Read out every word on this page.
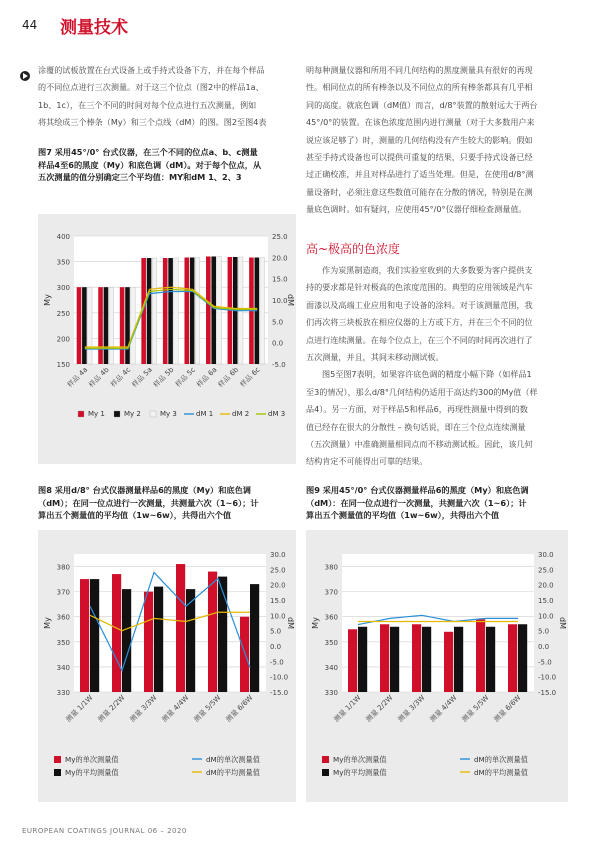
44 测量技术
涂覆的试板放置在台式设备上或手持式设备下方，并在每个样品
的不同位点进行三次测量。对于这三个位点（图2中的样品1a、
1b、1c），在三个不同的时间对每个位点进行五次测量，例如
将其绘成三个棒条（My）和三个点线（dM）的图。图2至图4表
图7 采用45°/0° 台式仪器，在三个不同的位点a、b、c测量
样品4至6的黑度（My）和底色调（dM）。对于每个位点，从
五次测量的值分别确定三个平均值：MY和dM 1、2、3
明每种测量仪器和所用不同几何结构的黑度测量具有很好的再现
性。相同位点的所有棒条以及不同位点的所有棒条都具有几乎相
同的高度。就底色调（dM值）而言，d/8°装置的散射远大于两台
45°/0°的装置。在该色浓度范围内进行测量（对于大多数用户来
说应该足够了）时，测量的几何结构没有产生较大的影响。假如
甚至手持式设备也可以提供可重复的结果，只要手持式设备已经
过正确校准，并且对样品进行了适当处理。但是，在使用d/8°测
量设备时，必须注意这些数值可能存在分散的情况，特别是在测
量底色调时。如有疑问，应使用45°/0°仪器仔细检查测量值。
高~极高的色浓度
作为炭黑制造商，我们实验室收到的大多数要为客户提供支
持的要求都是针对极高的色浓度范围的。典型的应用领域是汽车
面漆以及高端工业应用和电子设备的涂料。对于该测量范围，我
们再次将三块板放在相应仪器的上方或下方，并在三个不同的位
点进行连续测量。在每个位点上，在三个不同的时间再次进行了
五次测量，并且，其间未移动测试板。
图5至图7表明，如果容许底色调的精度小幅下降（如样品1
至3的情况），那么d/8°几何结构仍适用于高达约300的My值（样
品4）。另一方面，对于样品5和样品6，再现性测量中得到的数
值已经存在很大的分散性 – 换句话说，即在三个位点连续测量
（五次测量）中准确测量相同点而不移动测试板。因此，该几何
结构肯定不可能得出可靠的结果。
400
350
300
250
200
150
25.0
20.0
15.0
10.0
5.0
0.0
-5.0
My	dM
样品 4a
样品 4b
样品 4c
样品 5a
样品 5b
样品 5c
样品 6a
样品 6b
样品 6c
My 1	My 2	My 3	dM 1	dM 2	dM 3
图8 采用d/8° 台式仪器测量样品6的黑度（My）和底色调
（dM）；在同一位点进行一次测量，共测量六次（1~6）；计
算出五个测量值的平均值（1w~6w），共得出六个值
380
370
360
350
340
330
30.0
25.0
20.0
15.0
10.0
5.0
0.0
-5.0
-10.0
-15.0
My	dM
测量 1/1W 测量 2/2W 测量 3/3W 测量 4/4W 测量 5/5W 测量 6/6W
My的单次测量值
My的平均测量值
dM的单次测量值
dM的平均测量值
图9 采用45°/0° 台式仪器测量样品6的黑度（My）和底色调
（dM）：在同一位点进行一次测量，共测量六次（1~6）；计
算出五个测量值的平均值（1w~6w），共得出六个值
380
370
360
350
340
330
30.0
25.0
20.0
15.0
10.0
5.0
0.0
-5.0
-10.0
-15.0
My	dM
测量 1/1W 测量 2/2W 测量 3/3W 测量 4/4W 测量 5/5W 测量 6/6W
My的单次测量值
My的平均测量值
dM的单次测量值
dM的平均测量值
EUROPEAN COATINGS JOURNAL 06 – 2020
